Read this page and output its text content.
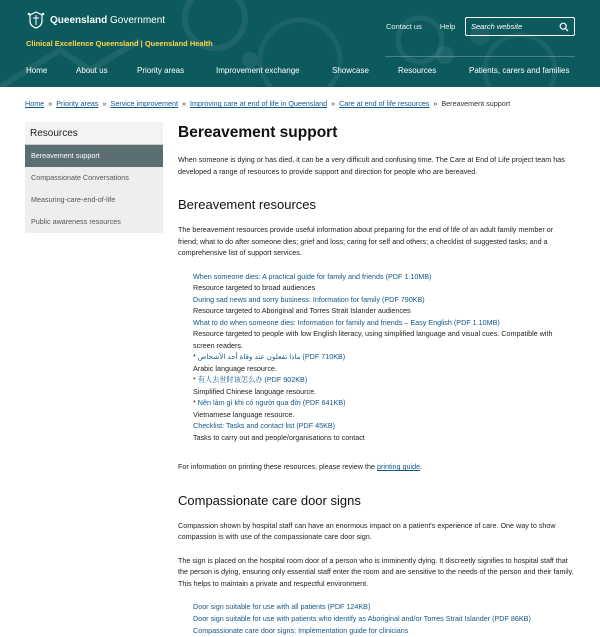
Queensland Government
Clinical Excellence Queensland | Queensland Health
Contact us Help
Search website
Home	About us	Priority areas	Improvement exchange	Showcase	Resources	Patients, carers and families
Home » Priority areas » Service improvement » Improving care at end of life in Queensland » Care at end of life resources » Bereavement support
Resources
Bereavement support
Compassionate Conversations
Measuring-care-end-of-life
Public awareness resources
Bereavement support

When someone is dying or has died, it can be a very difficult and confusing time. The Care at End of Life project team has developed a range of resources to provide support and direction for people who are bereaved.

Bereavement resources

The bereavement resources provide useful information about preparing for the end of life of an adult family member or friend; what to do after someone dies; grief and loss; caring for self and others; a checklist of suggested tasks; and a comprehensive list of support services.

When someone dies: A practical guide for family and friends (PDF 1.10MB)
Resource targeted to broad audiences
During sad news and sorry business: Information for family (PDF 790KB)
Resource targeted to Aboriginal and Torres Strait Islander audiences
What to do when someone dies: Information for family and friends – Easy English (PDF 1.10MB)
Resource targeted to people with low English literacy, using simplified language and visual cues. Compatible with screen readers.
* ماذا تفعلون عند وفاة أحد الأشخاص (PDF 710KB)
Arabic language resource.
* 有人去世时该怎么办 (PDF 902KB)
Simplified Chinese language resource.
* Nên làm gì khi có người qua đời (PDF 641KB)
Vietnamese language resource.
Checklist: Tasks and contact list (PDF 45KB)
Tasks to carry out and people/organisations to contact

For information on printing these resources, please review the printing guide.

Compassionate care door signs

Compassion shown by hospital staff can have an enormous impact on a patient's experience of care. One way to show compassion is with use of the compassionate care door sign.

The sign is placed on the hospital room door of a person who is imminently dying. It discreetly signifies to hospital staff that the person is dying, ensuring only essential staff enter the room and are sensitive to the needs of the person and their family. This helps to maintain a private and respectful environment.

Door sign suitable for use with all patients (PDF 124KB)
Door sign suitable for use with patients who identify as Aboriginal and/or Torres Strait Islander (PDF 86KB)
Compassionate care door signs: Implementation guide for clinicians
